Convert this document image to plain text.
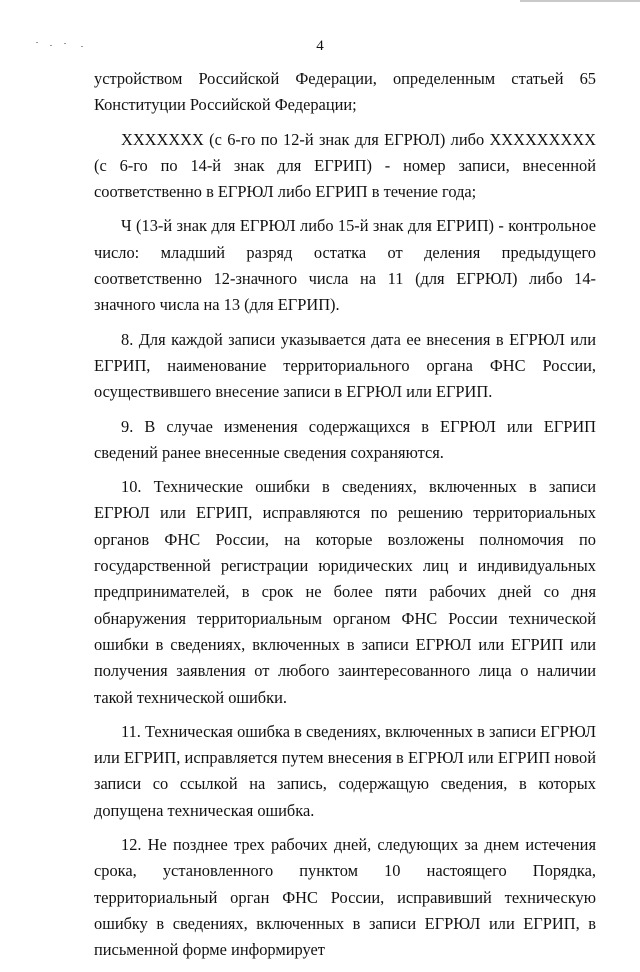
4

устройством Российской Федерации, определенным статьей 65 Конституции Российской Федерации;

XXXXXXX (с 6-го по 12-й знак для ЕГРЮЛ) либо XXXXXXXXX (с 6-го по 14-й знак для ЕГРИП) - номер записи, внесенной соответственно в ЕГРЮЛ либо ЕГРИП в течение года;

Ч (13-й знак для ЕГРЮЛ либо 15-й знак для ЕГРИП) - контрольное число: младший разряд остатка от деления предыдущего соответственно 12-значного числа на 11 (для ЕГРЮЛ) либо 14-значного числа на 13 (для ЕГРИП).

8. Для каждой записи указывается дата ее внесения в ЕГРЮЛ или ЕГРИП, наименование территориального органа ФНС России, осуществившего внесение записи в ЕГРЮЛ или ЕГРИП.

9. В случае изменения содержащихся в ЕГРЮЛ или ЕГРИП сведений ранее внесенные сведения сохраняются.

10. Технические ошибки в сведениях, включенных в записи ЕГРЮЛ или ЕГРИП, исправляются по решению территориальных органов ФНС России, на которые возложены полномочия по государственной регистрации юридических лиц и индивидуальных предпринимателей, в срок не более пяти рабочих дней со дня обнаружения территориальным органом ФНС России технической ошибки в сведениях, включенных в записи ЕГРЮЛ или ЕГРИП или получения заявления от любого заинтересованного лица о наличии такой технической ошибки.

11. Техническая ошибка в сведениях, включенных в записи ЕГРЮЛ или ЕГРИП, исправляется путем внесения в ЕГРЮЛ или ЕГРИП новой записи со ссылкой на запись, содержащую сведения, в которых допущена техническая ошибка.

12. Не позднее трех рабочих дней, следующих за днем истечения срока, установленного пунктом 10 настоящего Порядка, территориальный орган ФНС России, исправивший техническую ошибку в сведениях, включенных в записи ЕГРЮЛ или ЕГРИП, в письменной форме информирует
